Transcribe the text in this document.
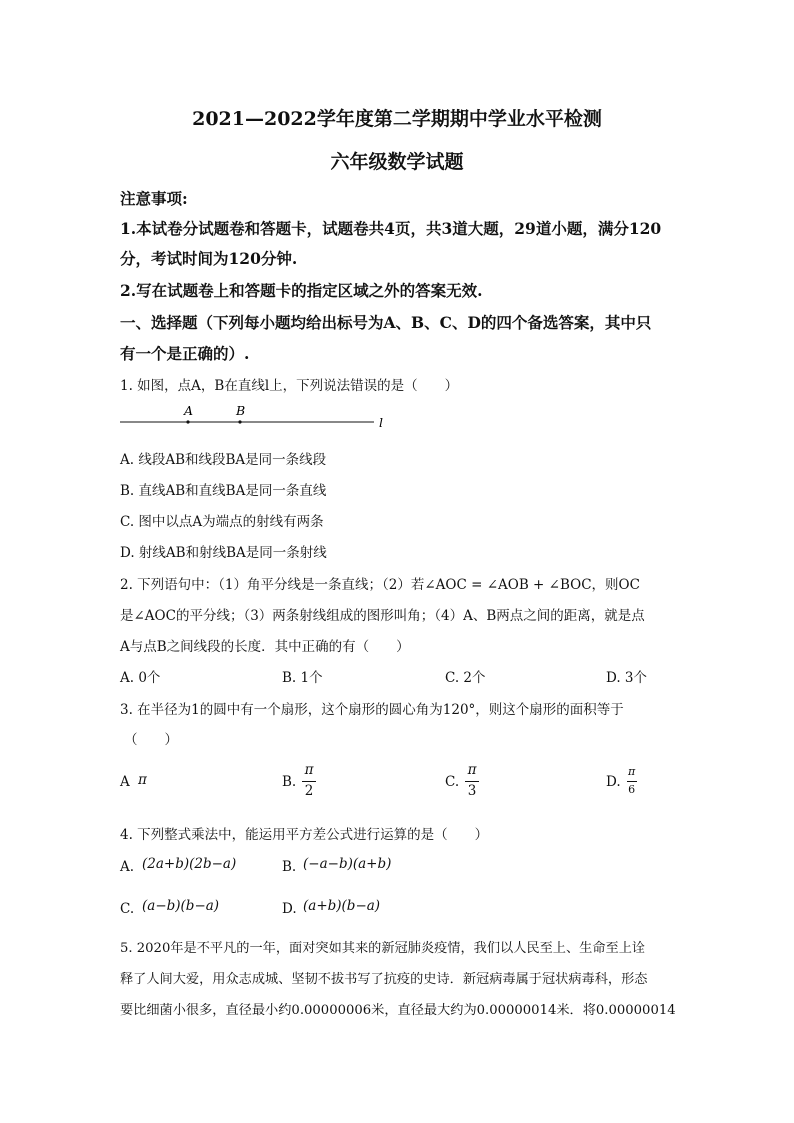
2021—2022学年度第二学期期中学业水平检测
六年级数学试题
注意事项:
1.本试卷分试题卷和答题卡，试题卷共4页，共3道大题，29道小题，满分120
分，考试时间为120分钟.
2.写在试题卷上和答题卡的指定区域之外的答案无效.
一、选择题（下列每小题均给出标号为A、B、C、D的四个备选答案，其中只
有一个是正确的）.
1. 如图，点A，B在直线l上，下列说法错误的是（　　）
A	B
l
A. 线段AB和线段BA是同一条线段
B. 直线AB和直线BA是同一条直线
C. 图中以点A为端点的射线有两条
D. 射线AB和射线BA是同一条射线
2. 下列语句中：（1）角平分线是一条直线；（2）若∠AOC = ∠AOB + ∠BOC，则OC
是∠AOC的平分线；（3）两条射线组成的图形叫角；（4）A、B两点之间的距离，就是点
A与点B之间线段的长度．其中正确的有（　　）
A. 0个	B. 1个	C. 2个	D. 3个
3. 在半径为1的圆中有一个扇形，这个扇形的圆心角为120°，则这个扇形的面积等于
（　　）
A π	B.
π
2
C.
π
3
D.
π
6
4. 下列整式乘法中，能运用平方差公式进行运算的是（　　）
A. (2a+b)(2b−a)	B. (−a−b)(a+b)
C. (a−b)(b−a)	D. (a+b)(b−a)
5. 2020年是不平凡的一年，面对突如其来的新冠肺炎疫情，我们以人民至上、生命至上诠
释了人间大爱，用众志成城、坚韧不拔书写了抗疫的史诗．新冠病毒属于冠状病毒科，形态
要比细菌小很多，直径最小约0.00000006米，直径最大约为0.00000014米．将0.00000014
